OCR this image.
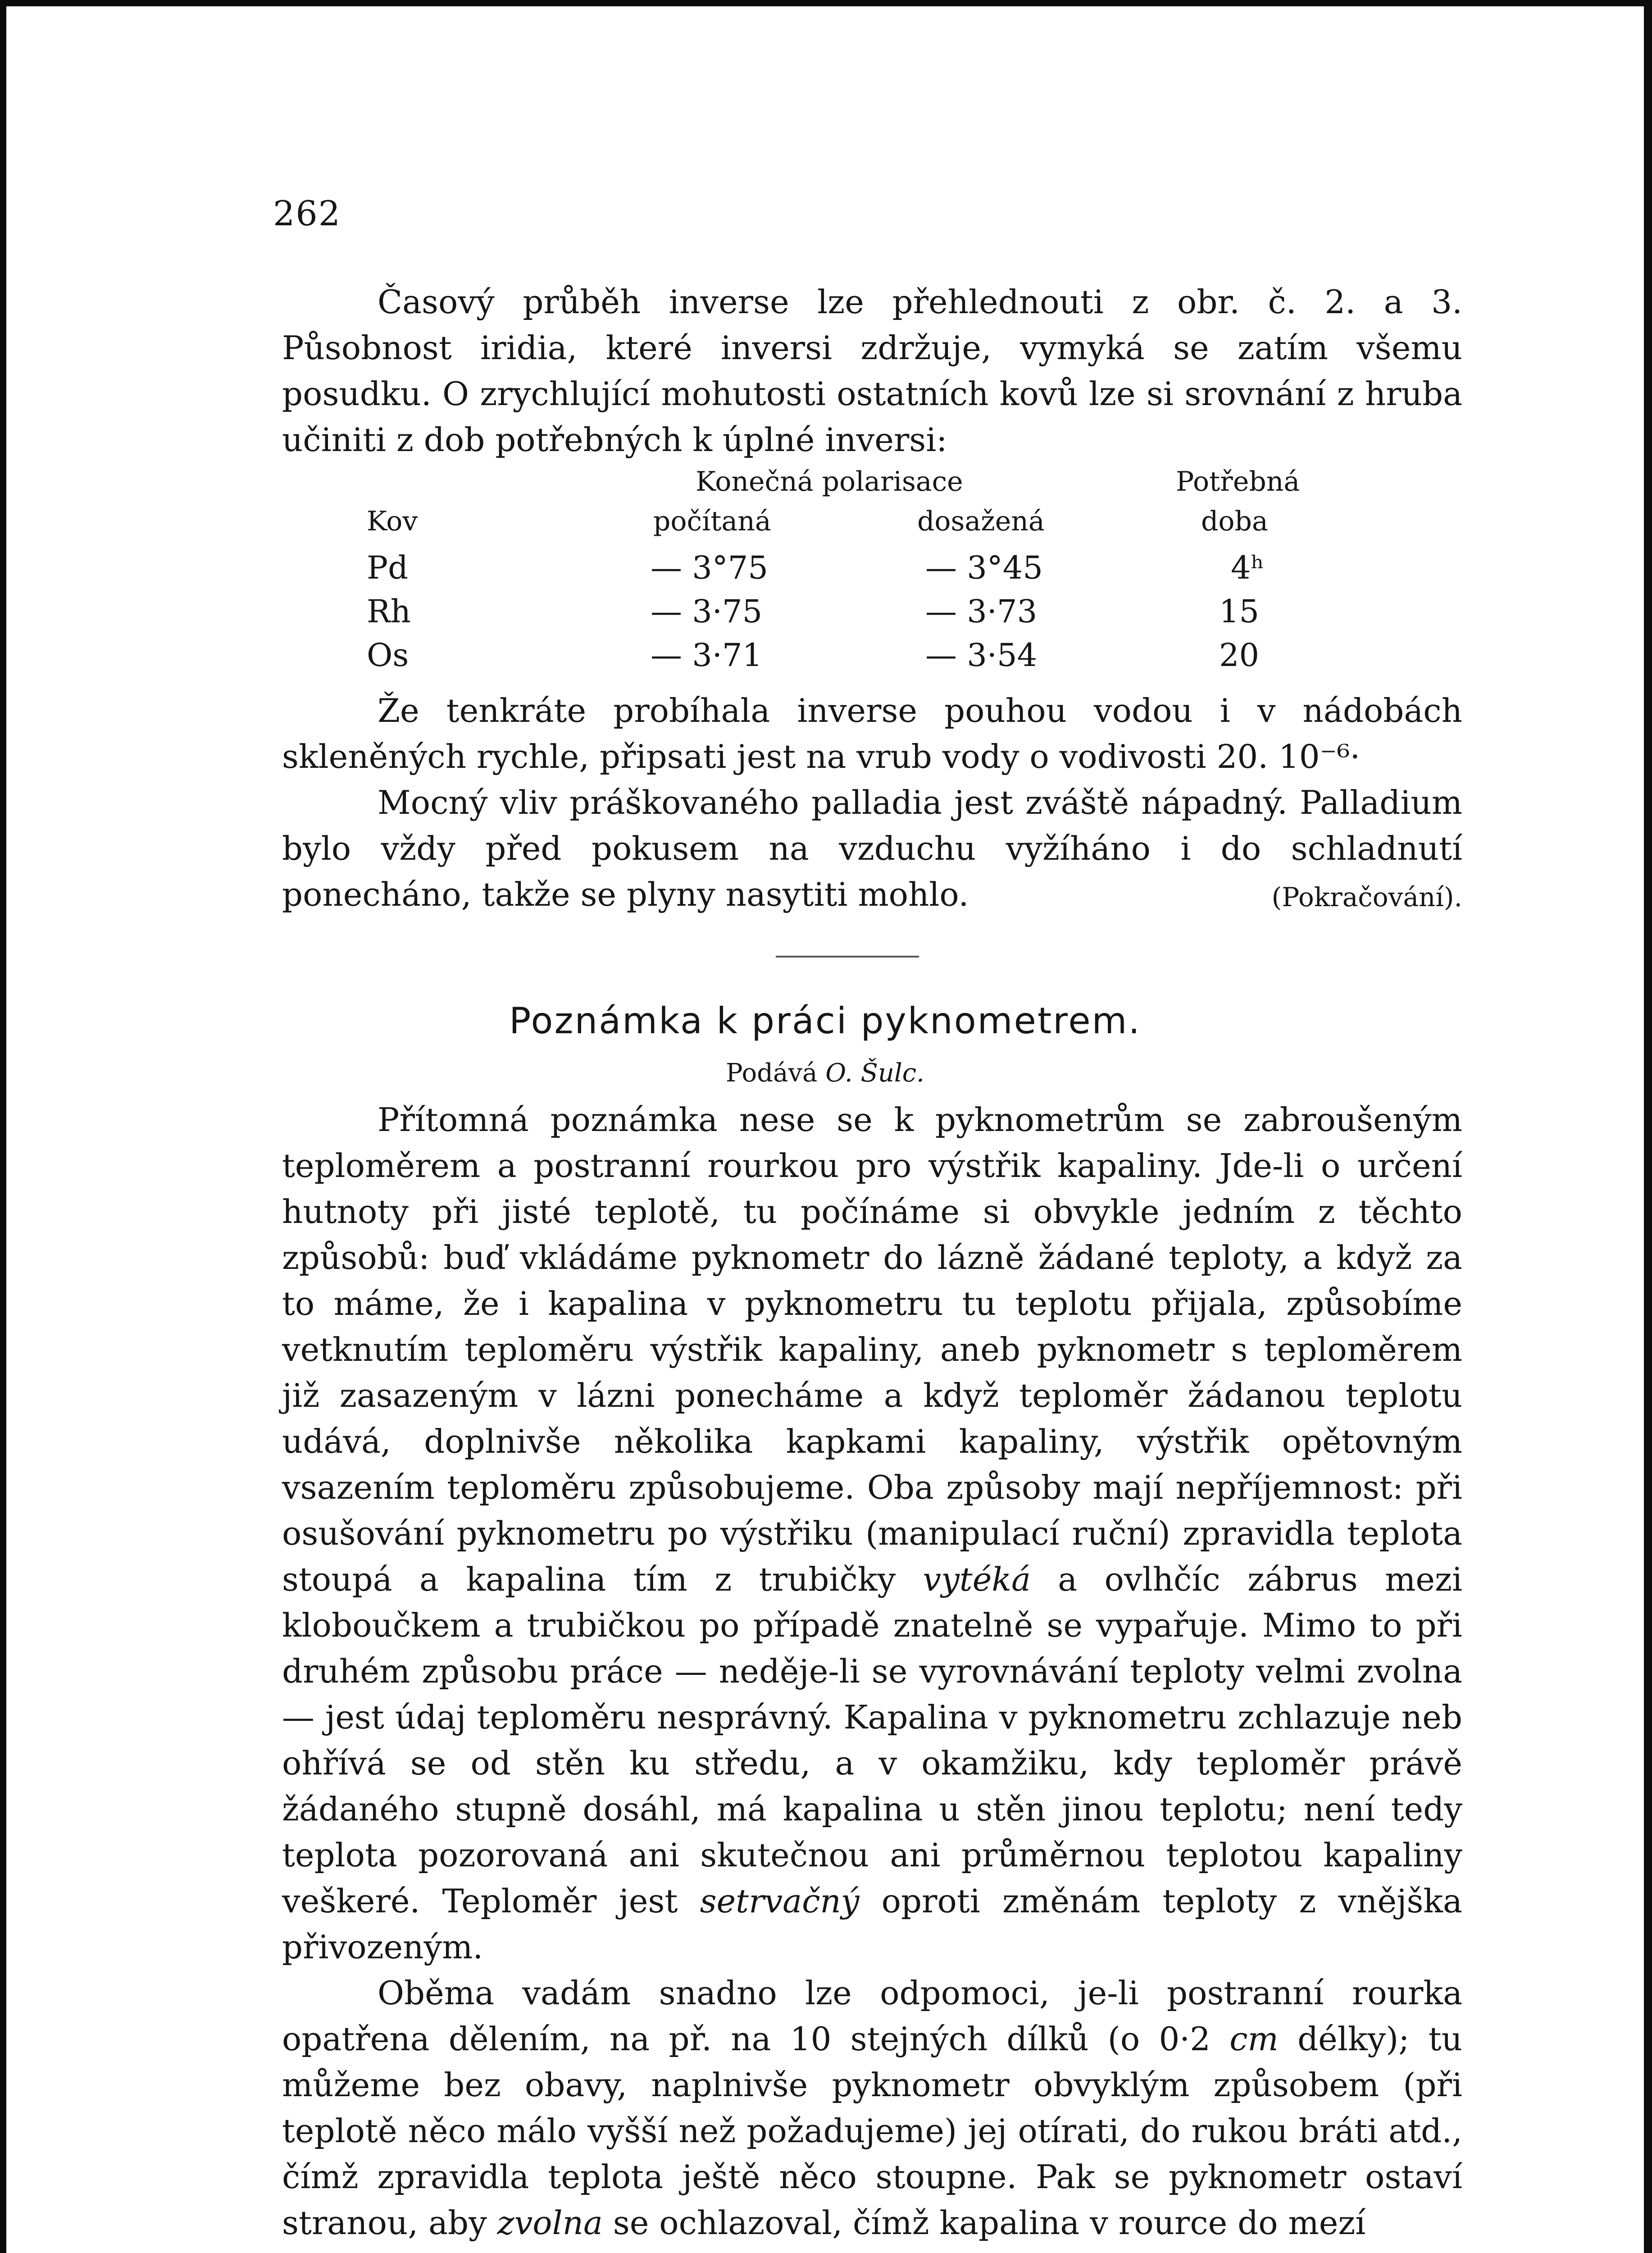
262

Časový průběh inverse lze přehlednouti z obr. č. 2. a 3. Působnost iridia, které inversi zdržuje, vymyká se zatím všemu posudku. O zrychlující mohutosti ostatních kovů lze si srovnání z hruba učiniti z dob potřebných k úplné inversi:

Konečná polarisace	Potřebná
Kov	počítaná	dosažená	doba
Pd	— 3°75	— 3°45	4ʰ
Rh	— 3·75	— 3·73	15
Os	— 3·71	— 3·54	20

Že tenkráte probíhala inverse pouhou vodou i v nádobách skleněných rychle, připsati jest na vrub vody o vodivosti 20. 10⁻⁶·

Mocný vliv práškovaného palladia jest zváště nápadný. Palladium bylo vždy před pokusem na vzduchu vyžíháno i do schladnutí ponecháno, takže se plyny nasytiti mohlo.	(Pokračování).

Poznámka k práci pyknometrem.
Podává O. Šulc.

Přítomná poznámka nese se k pyknometrům se zabroušeným teploměrem a postranní rourkou pro výstřik kapaliny. Jde-li o určení hutnoty při jisté teplotě, tu počínáme si obvykle jedním z těchto způsobů: buď vkládáme pyknometr do lázně žádané teploty, a když za to máme, že i kapalina v pyknometru tu teplotu přijala, způsobíme vetknutím teploměru výstřik kapaliny, aneb pyknometr s teploměrem již zasazeným v lázni ponecháme a když teploměr žádanou teplotu udává, doplnivše několika kapkami kapaliny, výstřik opětovným vsazením teploměru způsobujeme. Oba způsoby mají nepříjemnost: při osušování pyknometru po výstřiku (manipulací ruční) zpravidla teplota stoupá a kapalina tím z trubičky vytéká a ovlhčíc zábrus mezi kloboučkem a trubičkou po případě znatelně se vypařuje. Mimo to při druhém způsobu práce — neděje-li se vyrovnávání teploty velmi zvolna — jest údaj teploměru nesprávný. Kapalina v pyknometru zchlazuje neb ohřívá se od stěn ku středu, a v okamžiku, kdy teploměr právě žádaného stupně dosáhl, má kapalina u stěn jinou teplotu; není tedy teplota pozorovaná ani skutečnou ani průměrnou teplotou kapaliny veškeré. Teploměr jest setrvačný oproti změnám teploty z vnějška přivozeným.

Oběma vadám snadno lze odpomoci, je-li postranní rourka opatřena dělením, na př. na 10 stejných dílků (o 0·2 cm délky); tu můžeme bez obavy, naplnivše pyknometr obvyklým způsobem (při teplotě něco málo vyšší než požadujeme) jej otírati, do rukou bráti atd., čímž zpravidla teplota ještě něco stoupne. Pak se pyknometr ostaví stranou, aby zvolna se ochlazoval, čímž kapalina v rource do mezí
